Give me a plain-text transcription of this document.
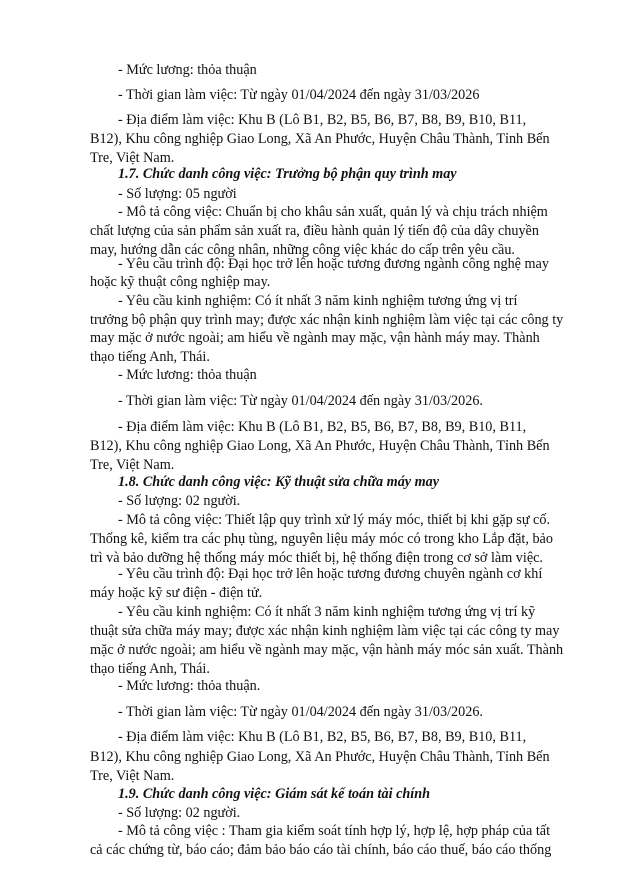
- Mức lương: thỏa thuận
- Thời gian làm việc: Từ ngày 01/04/2024 đến ngày 31/03/2026
- Địa điểm làm việc: Khu B (Lô B1, B2, B5, B6, B7, B8, B9, B10, B11,
B12), Khu công nghiệp Giao Long, Xã An Phước, Huyện Châu Thành, Tỉnh Bến
Tre, Việt Nam.
1.7. Chức danh công việc: Trưởng bộ phận quy trình may
- Số lượng: 05 người
- Mô tả công việc: Chuẩn bị cho khâu sản xuất, quản lý và chịu trách nhiệm
chất lượng của sản phẩm sản xuất ra, điều hành quản lý tiến độ của dây chuyền
may, hướng dẫn các công nhân, những công việc khác do cấp trên yêu cầu.
- Yêu cầu trình độ: Đại học trở lên hoặc tương đương ngành công nghệ may
hoặc kỹ thuật công nghiệp may.
- Yêu cầu kinh nghiệm: Có ít nhất 3 năm kinh nghiệm tương ứng vị trí
trưởng bộ phận quy trình may; được xác nhận kinh nghiệm làm việc tại các công ty
may mặc ở nước ngoài; am hiểu về ngành may mặc, vận hành máy may. Thành
thạo tiếng Anh, Thái.
- Mức lương: thỏa thuận
- Thời gian làm việc: Từ ngày 01/04/2024 đến ngày 31/03/2026.
- Địa điểm làm việc: Khu B (Lô B1, B2, B5, B6, B7, B8, B9, B10, B11,
B12), Khu công nghiệp Giao Long, Xã An Phước, Huyện Châu Thành, Tỉnh Bến
Tre, Việt Nam.
1.8. Chức danh công việc: Kỹ thuật sửa chữa máy may
- Số lượng: 02 người.
- Mô tả công việc: Thiết lập quy trình xử lý máy móc, thiết bị khi gặp sự cố.
Thống kê, kiểm tra các phụ tùng, nguyên liệu máy móc có trong kho Lắp đặt, bảo
trì và bảo dưỡng hệ thống máy móc thiết bị, hệ thống điện trong cơ sở làm việc.
- Yêu cầu trình độ: Đại học trở lên hoặc tương đương chuyên ngành cơ khí
máy hoặc kỹ sư điện - điện tử.
- Yêu cầu kinh nghiệm: Có ít nhất 3 năm kinh nghiệm tương ứng vị trí kỹ
thuật sửa chữa máy may; được xác nhận kinh nghiệm làm việc tại các công ty may
mặc ở nước ngoài; am hiểu về ngành may mặc, vận hành máy móc sản xuất. Thành
thạo tiếng Anh, Thái.
- Mức lương: thỏa thuận.
- Thời gian làm việc: Từ ngày 01/04/2024 đến ngày 31/03/2026.
- Địa điểm làm việc: Khu B (Lô B1, B2, B5, B6, B7, B8, B9, B10, B11,
B12), Khu công nghiệp Giao Long, Xã An Phước, Huyện Châu Thành, Tỉnh Bến
Tre, Việt Nam.
1.9. Chức danh công việc: Giám sát kế toán tài chính
- Số lượng: 02 người.
- Mô tả công việc : Tham gia kiểm soát tính hợp lý, hợp lệ, hợp pháp của tất
cả các chứng từ, báo cáo; đảm bảo báo cáo tài chính, báo cáo thuế, báo cáo thống
